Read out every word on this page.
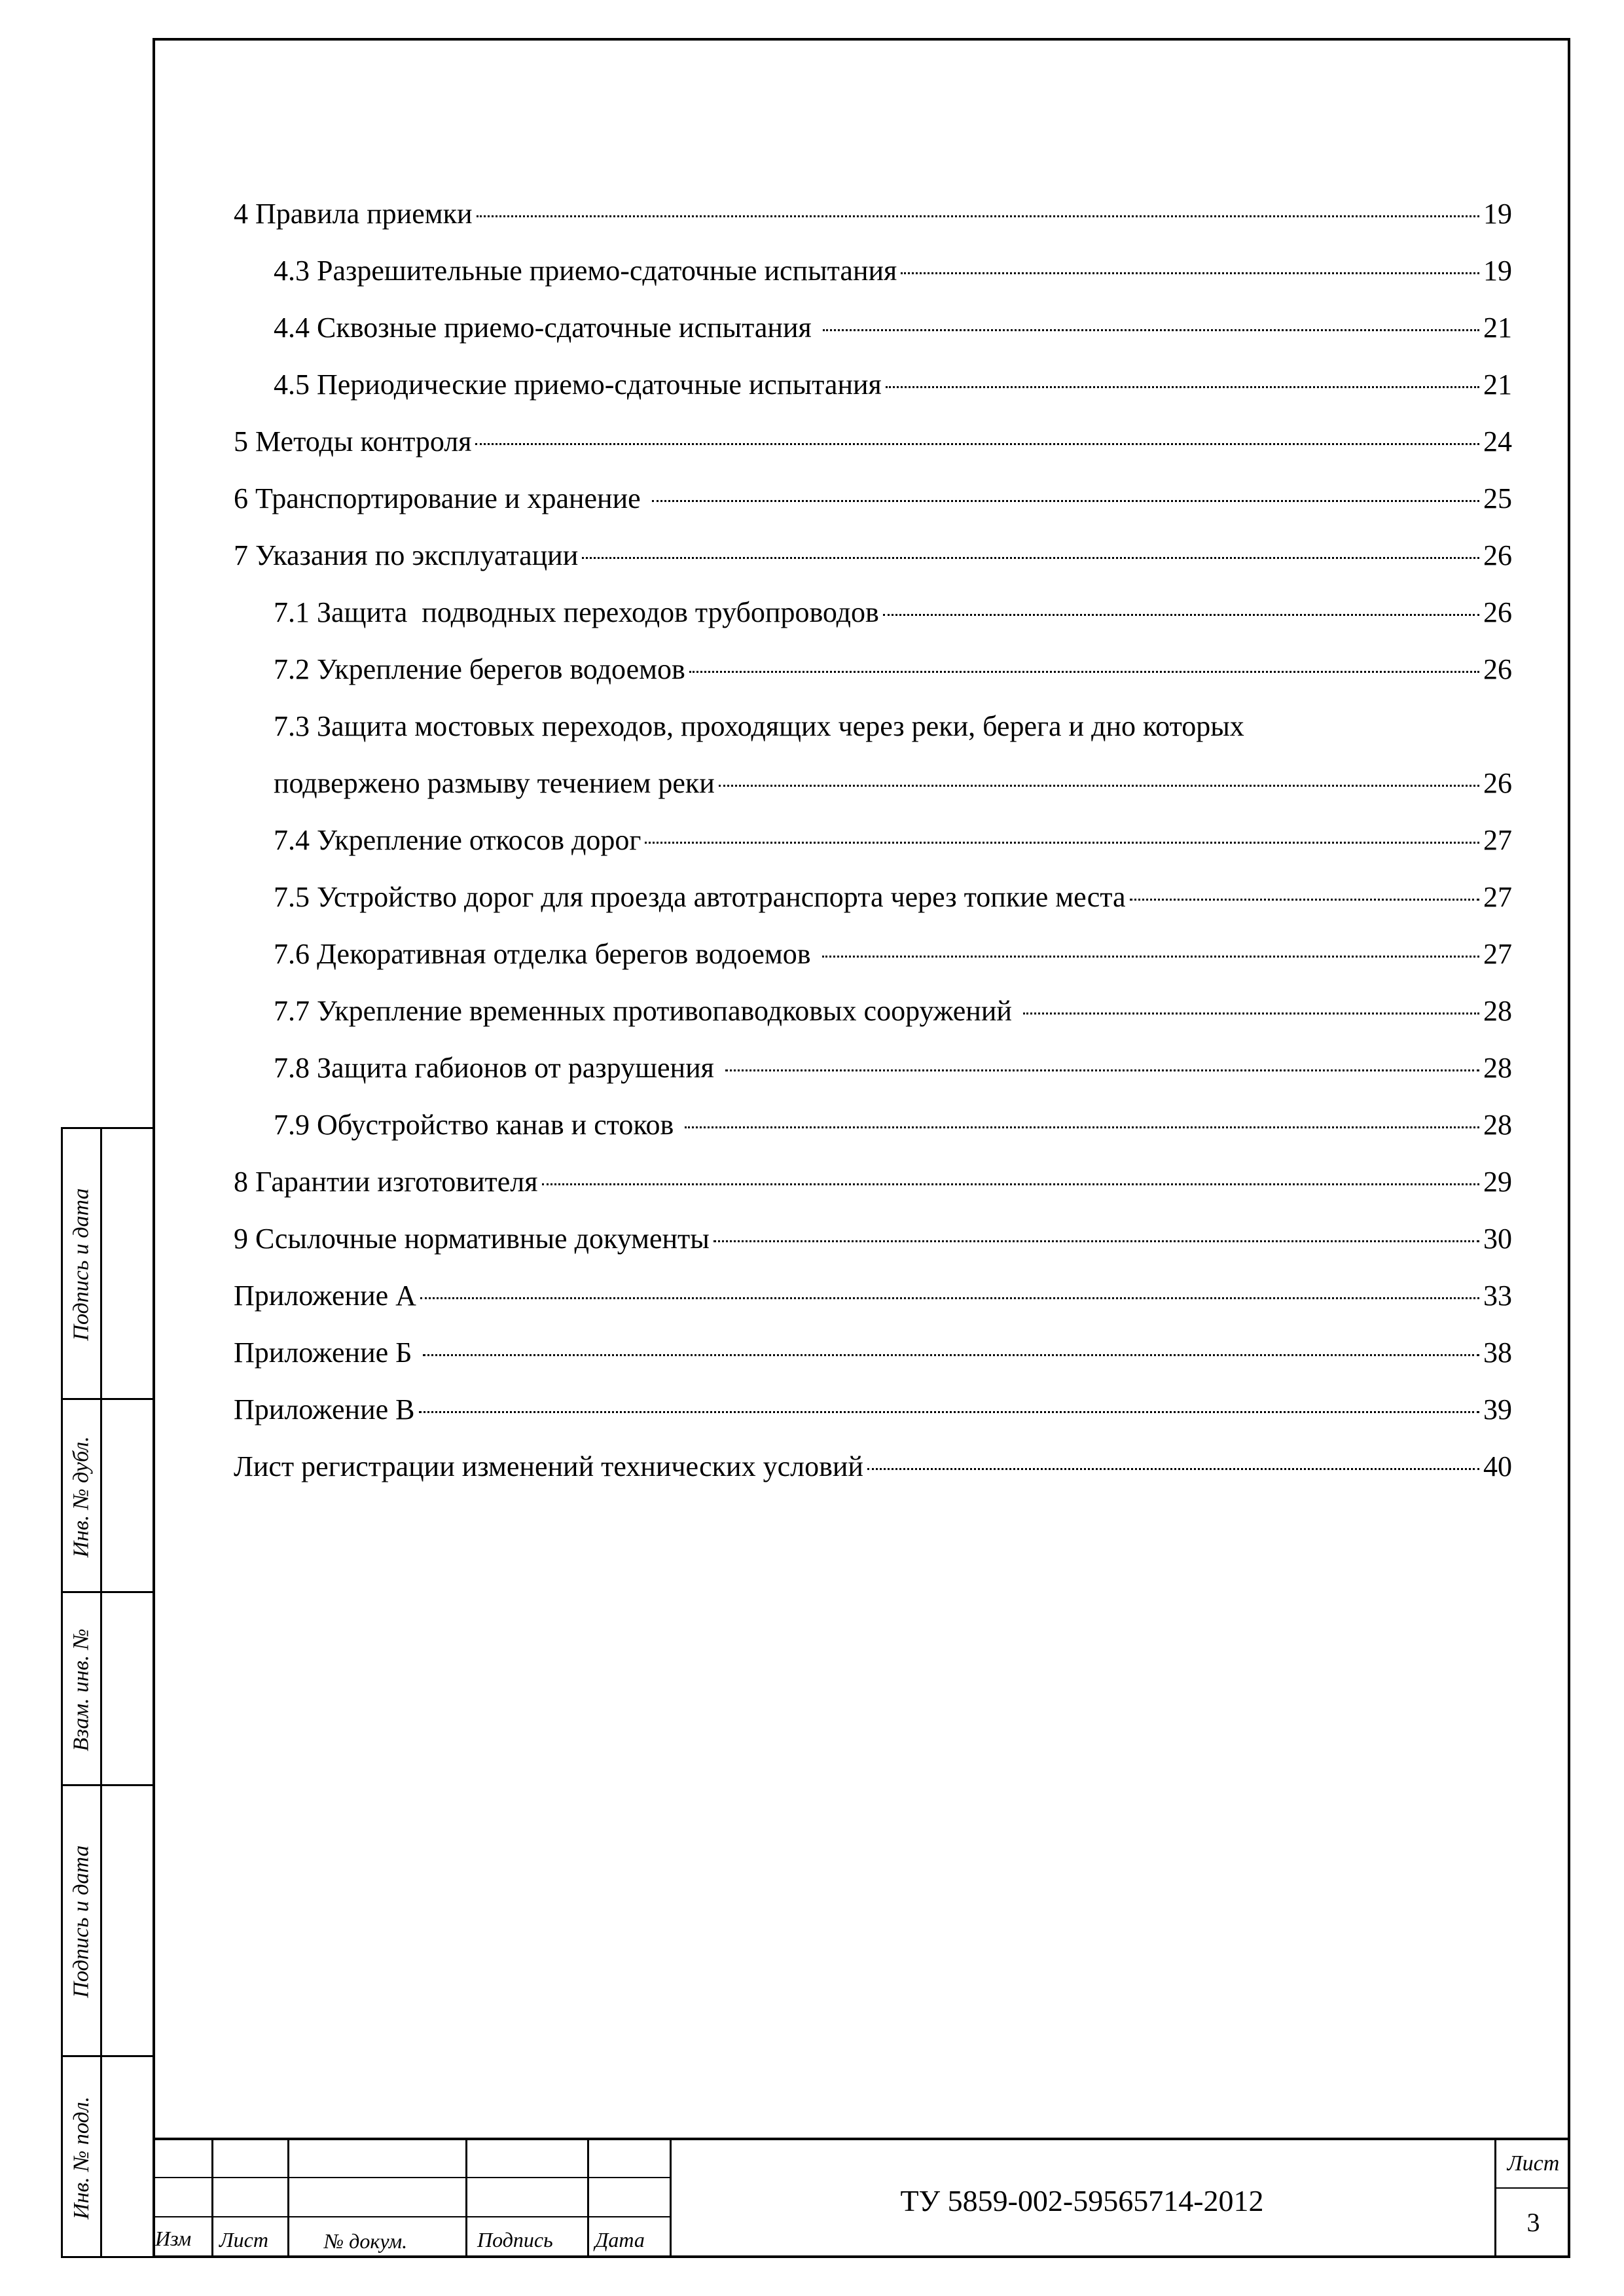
4 Правила приемки	19
4.3 Разрешительные приемо-сдаточные испытания	19
4.4 Сквозные приемо-сдаточные испытания	21
4.5 Периодические приемо-сдаточные испытания	21
5 Методы контроля	24
6 Транспортирование и хранение	25
7 Указания по эксплуатации	26
7.1 Защита  подводных переходов трубопроводов	26
7.2 Укрепление берегов водоемов	26
7.3 Защита мостовых переходов, проходящих через реки, берега и дно которых
подвержено размыву течением реки	26
7.4 Укрепление откосов дорог	27
7.5 Устройство дорог для проезда автотранспорта через топкие места	27
7.6 Декоративная отделка берегов водоемов	27
7.7 Укрепление временных противопаводковых сооружений	28
7.8 Защита габионов от разрушения	28
7.9 Обустройство канав и стоков	28
8 Гарантии изготовителя	29
9 Ссылочные нормативные документы	30
Приложение А	33
Приложение Б	38
Приложение В	39
Лист регистрации изменений технических условий	40
Подпись и дата
Инв. № дубл.
Взам. инв. №
Подпись и дата
Инв. № подл.
Изм Лист	№ докум.	Подпись Дата
ТУ 5859-002-59565714-2012
Лист
3
